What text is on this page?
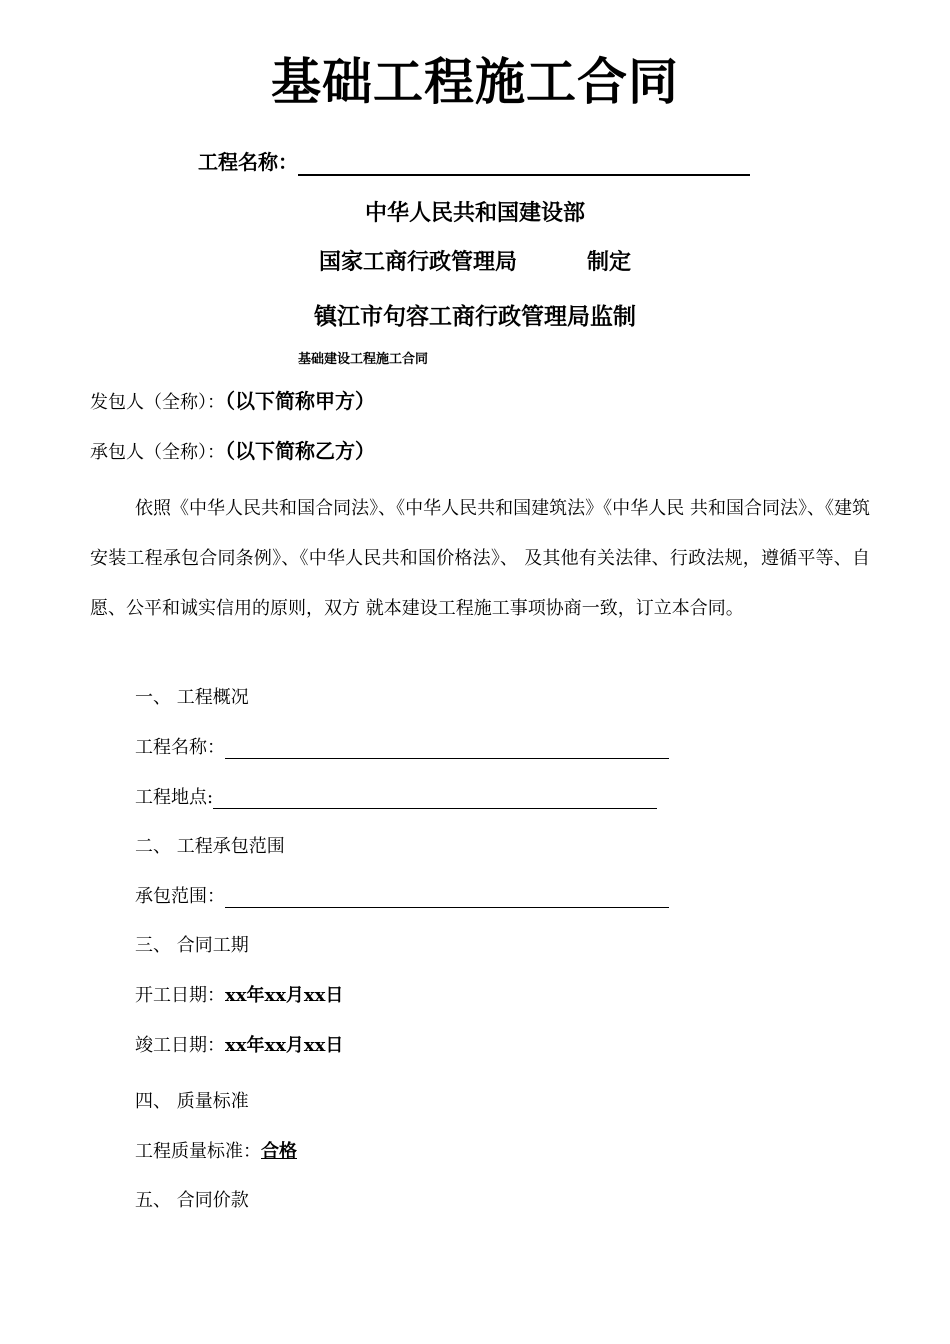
基础工程施工合同
工程名称：
中华人民共和国建设部
国家工商行政管理局	制定
镇江市句容工商行政管理局监制
基础建设工程施工合同
发包人（全称）：（以下简称甲方）
承包人（全称）：（以下简称乙方）
依照《中华人民共和国合同法》、《中华人民共和国建筑法》《中华人民 共和国合同法》、《建筑安装工程承包合同条例》、《中华人民共和国价格法》、 及其他有关法律、行政法规，遵循平等、自愿、公平和诚实信用的原则，双方 就本建设工程施工事项协商一致，订立本合同。
一、 工程概况
工程名称：
工程地点:
二、 工程承包范围
承包范围：
三、 合同工期
开工日期：xx年xx月xx日
竣工日期：xx年xx月xx日
四、 质量标准
工程质量标准：合格
五、 合同价款
